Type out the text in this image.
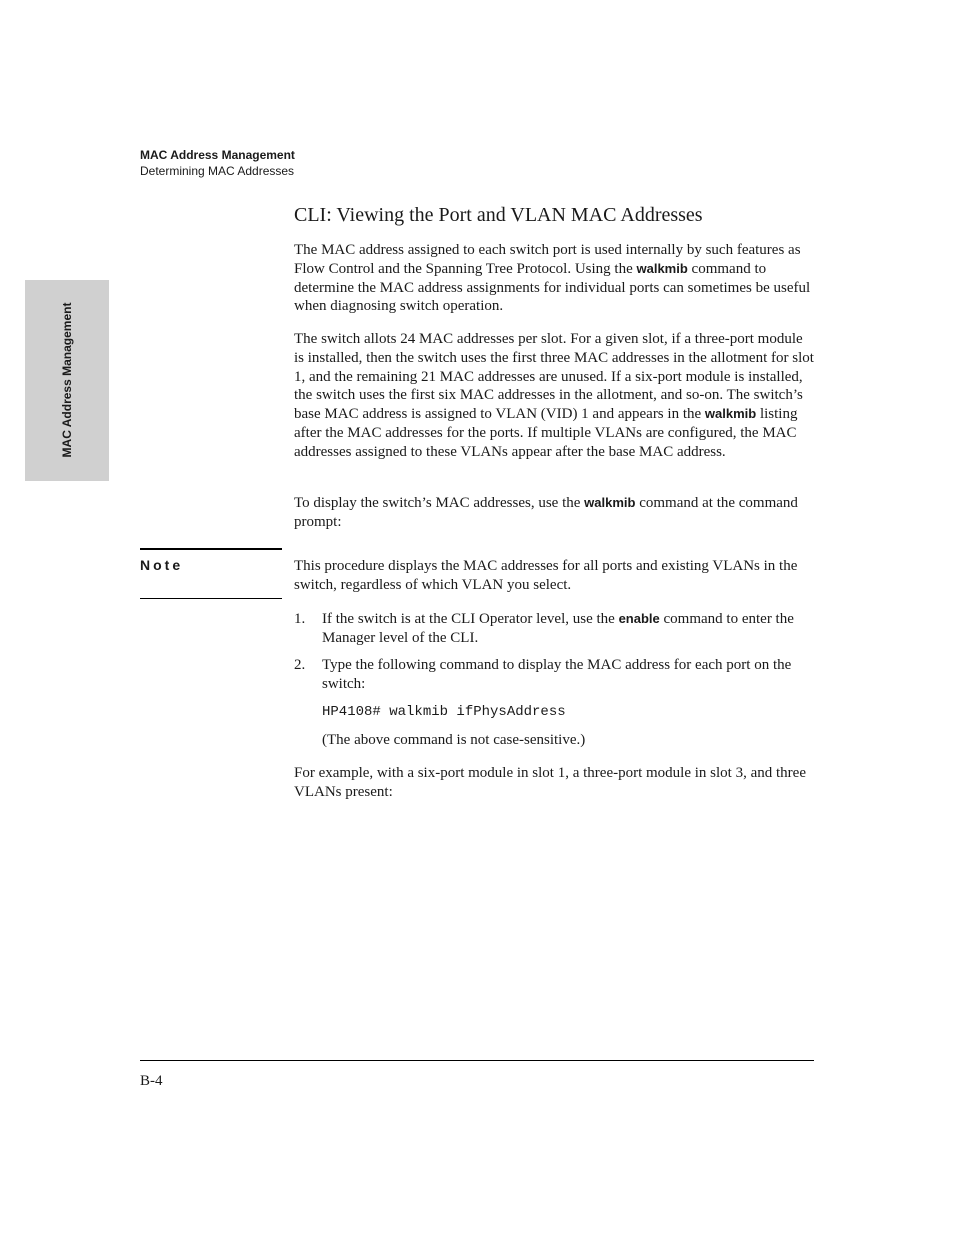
MAC Address Management
Determining MAC Addresses
MAC Address Management
CLI: Viewing the Port and VLAN MAC Addresses

The MAC address assigned to each switch port is used internally by such features as Flow Control and the Spanning Tree Protocol. Using the walkmib command to determine the MAC address assignments for individual ports can sometimes be useful when diagnosing switch operation.

The switch allots 24 MAC addresses per slot. For a given slot, if a three-port module is installed, then the switch uses the first three MAC addresses in the allotment for slot 1, and the remaining 21 MAC addresses are unused. If a six-port module is installed, the switch uses the first six MAC addresses in the allotment, and so-on. The switch’s base MAC address is assigned to VLAN (VID) 1 and appears in the walkmib listing after the MAC addresses for the ports. If multiple VLANs are configured, the MAC addresses assigned to these VLANs appear after the base MAC address.

To display the switch’s MAC addresses, use the walkmib command at the command prompt:

Note	This procedure displays the MAC addresses for all ports and existing VLANs in the switch, regardless of which VLAN you select.

1. If the switch is at the CLI Operator level, use the enable command to enter the Manager level of the CLI.

2. Type the following command to display the MAC address for each port on the switch:

HP4108# walkmib ifPhysAddress

(The above command is not case-sensitive.)

For example, with a six-port module in slot 1, a three-port module in slot 3, and three VLANs present:

B-4
